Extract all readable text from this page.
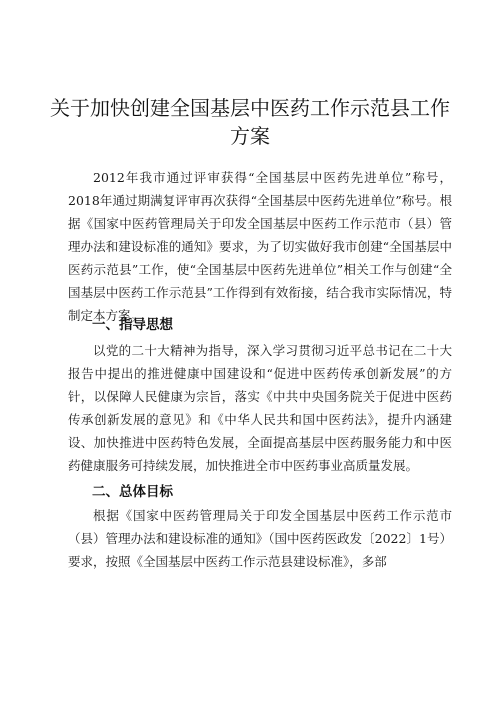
关于加快创建全国基层中医药工作示范县工作
方案

2012年我市通过评审获得“全国基层中医药先进单位”称号，2018年通过期满复评审再次获得“全国基层中医药先进单位”称号。根据《国家中医药管理局关于印发全国基层中医药工作示范市（县）管理办法和建设标准的通知》要求，为了切实做好我市创建“全国基层中医药示范县”工作，使“全国基层中医药先进单位”相关工作与创建“全国基层中医药工作示范县”工作得到有效衔接，结合我市实际情况，特制定本方案。

一、指导思想

以党的二十大精神为指导，深入学习贯彻习近平总书记在二十大报告中提出的推进健康中国建设和“促进中医药传承创新发展”的方针，以保障人民健康为宗旨，落实《中共中央国务院关于促进中医药传承创新发展的意见》和《中华人民共和国中医药法》，提升内涵建设、加快推进中医药特色发展，全面提高基层中医药服务能力和中医药健康服务可持续发展，加快推进全市中医药事业高质量发展。

二、总体目标

根据《国家中医药管理局关于印发全国基层中医药工作示范市（县）管理办法和建设标准的通知》（国中医药医政发〔2022〕1号）要求，按照《全国基层中医药工作示范县建设标准》，多部
